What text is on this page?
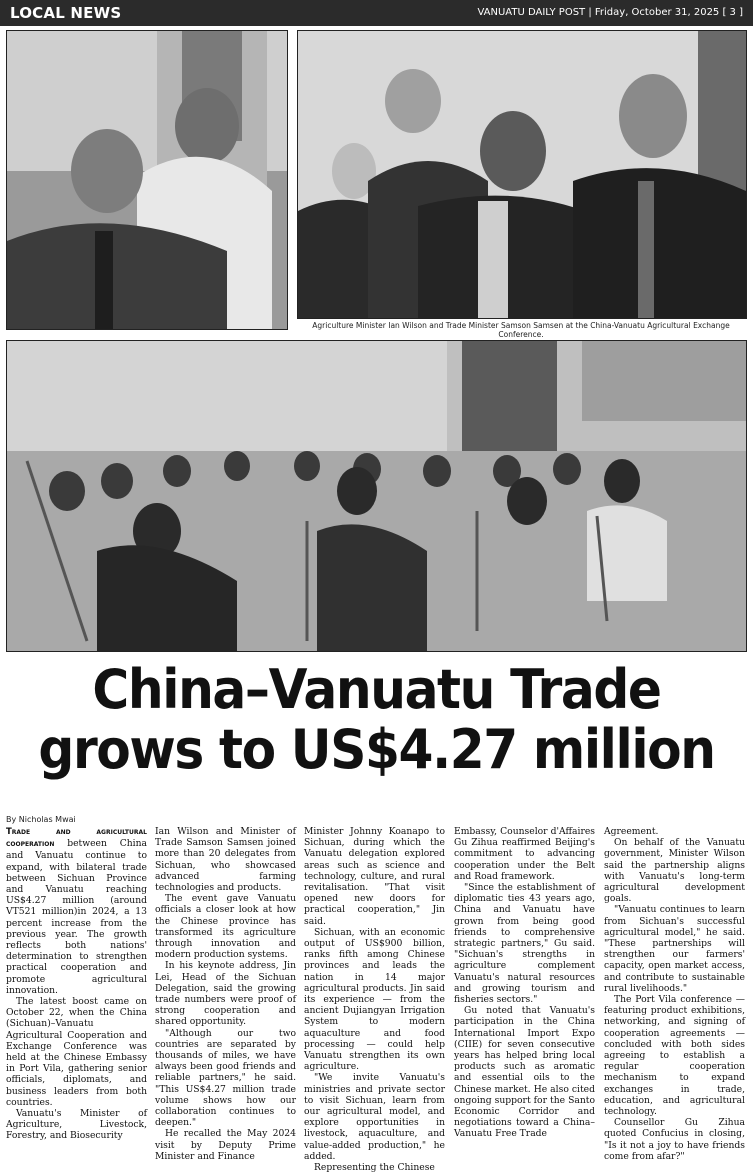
LOCAL NEWS	VANUATU DAILY POST | Friday, October 31, 2025 [ 3 ]
Agriculture Minister Ian Wilson and Trade Minister Samson Samsen at the China-Vanuatu Agricultural Exchange Conference.
China–Vanuatu Trade
grows to US$4.27 million
By Nicholas Mwai

Trade and agricultural cooperation between China and Vanuatu continue to expand, with bilateral trade between Sichuan Province and Vanuatu reaching US$4.27 million (around VT521 million)in 2024, a 13 percent increase from the previous year. The growth reflects both nations' determination to strengthen practical cooperation and promote agricultural innovation.

The latest boost came on October 22, when the China (Sichuan)–Vanuatu Agricultural Cooperation and Exchange Conference was held at the Chinese Embassy in Port Vila, gathering senior officials, diplomats, and business leaders from both countries.

Vanuatu's Minister of Agriculture, Livestock, Forestry, and Biosecurity

Ian Wilson and Minister of Trade Samson Samsen joined more than 20 delegates from Sichuan, who showcased advanced farming technologies and products.

The event gave Vanuatu officials a closer look at how the Chinese province has transformed its agriculture through innovation and modern production systems.

In his keynote address, Jin Lei, Head of the Sichuan Delegation, said the growing trade numbers were proof of strong cooperation and shared opportunity.

"Although our two countries are separated by thousands of miles, we have always been good friends and reliable partners," he said. "This US$4.27 million trade volume shows how our collaboration continues to deepen."

He recalled the May 2024 visit by Deputy Prime Minister and Finance

Minister Johnny Koanapo to Sichuan, during which the Vanuatu delegation explored areas such as science and technology, culture, and rural revitalisation. "That visit opened new doors for practical cooperation," Jin said.

Sichuan, with an economic output of US$900 billion, ranks fifth among Chinese provinces and leads the nation in 14 major agricultural products. Jin said its experience — from the ancient Dujiangyan Irrigation System to modern aquaculture and food processing — could help Vanuatu strengthen its own agriculture.

"We invite Vanuatu's ministries and private sector to visit Sichuan, learn from our agricultural model, and explore opportunities in livestock, aquaculture, and value-added production," he added.

Representing the Chinese

Embassy, Counselor d'Affaires Gu Zihua reaffirmed Beijing's commitment to advancing cooperation under the Belt and Road framework.

"Since the establishment of diplomatic ties 43 years ago, China and Vanuatu have grown from being good friends to comprehensive strategic partners," Gu said. "Sichuan's strengths in agriculture complement Vanuatu's natural resources and growing tourism and fisheries sectors."

Gu noted that Vanuatu's participation in the China International Import Expo (CIIE) for seven consecutive years has helped bring local products such as aromatic and essential oils to the Chinese market. He also cited ongoing support for the Santo Economic Corridor and negotiations toward a China–Vanuatu Free Trade

Agreement.

On behalf of the Vanuatu government, Minister Wilson said the partnership aligns with Vanuatu's long-term agricultural development goals.

"Vanuatu continues to learn from Sichuan's successful agricultural model," he said. "These partnerships will strengthen our farmers' capacity, open market access, and contribute to sustainable rural livelihoods."

The Port Vila conference — featuring product exhibitions, networking, and signing of cooperation agreements — concluded with both sides agreeing to establish a regular cooperation mechanism to expand exchanges in trade, education, and agricultural technology.

Counsellor Gu Zihua quoted Confucius in closing, "Is it not a joy to have friends come from afar?"
